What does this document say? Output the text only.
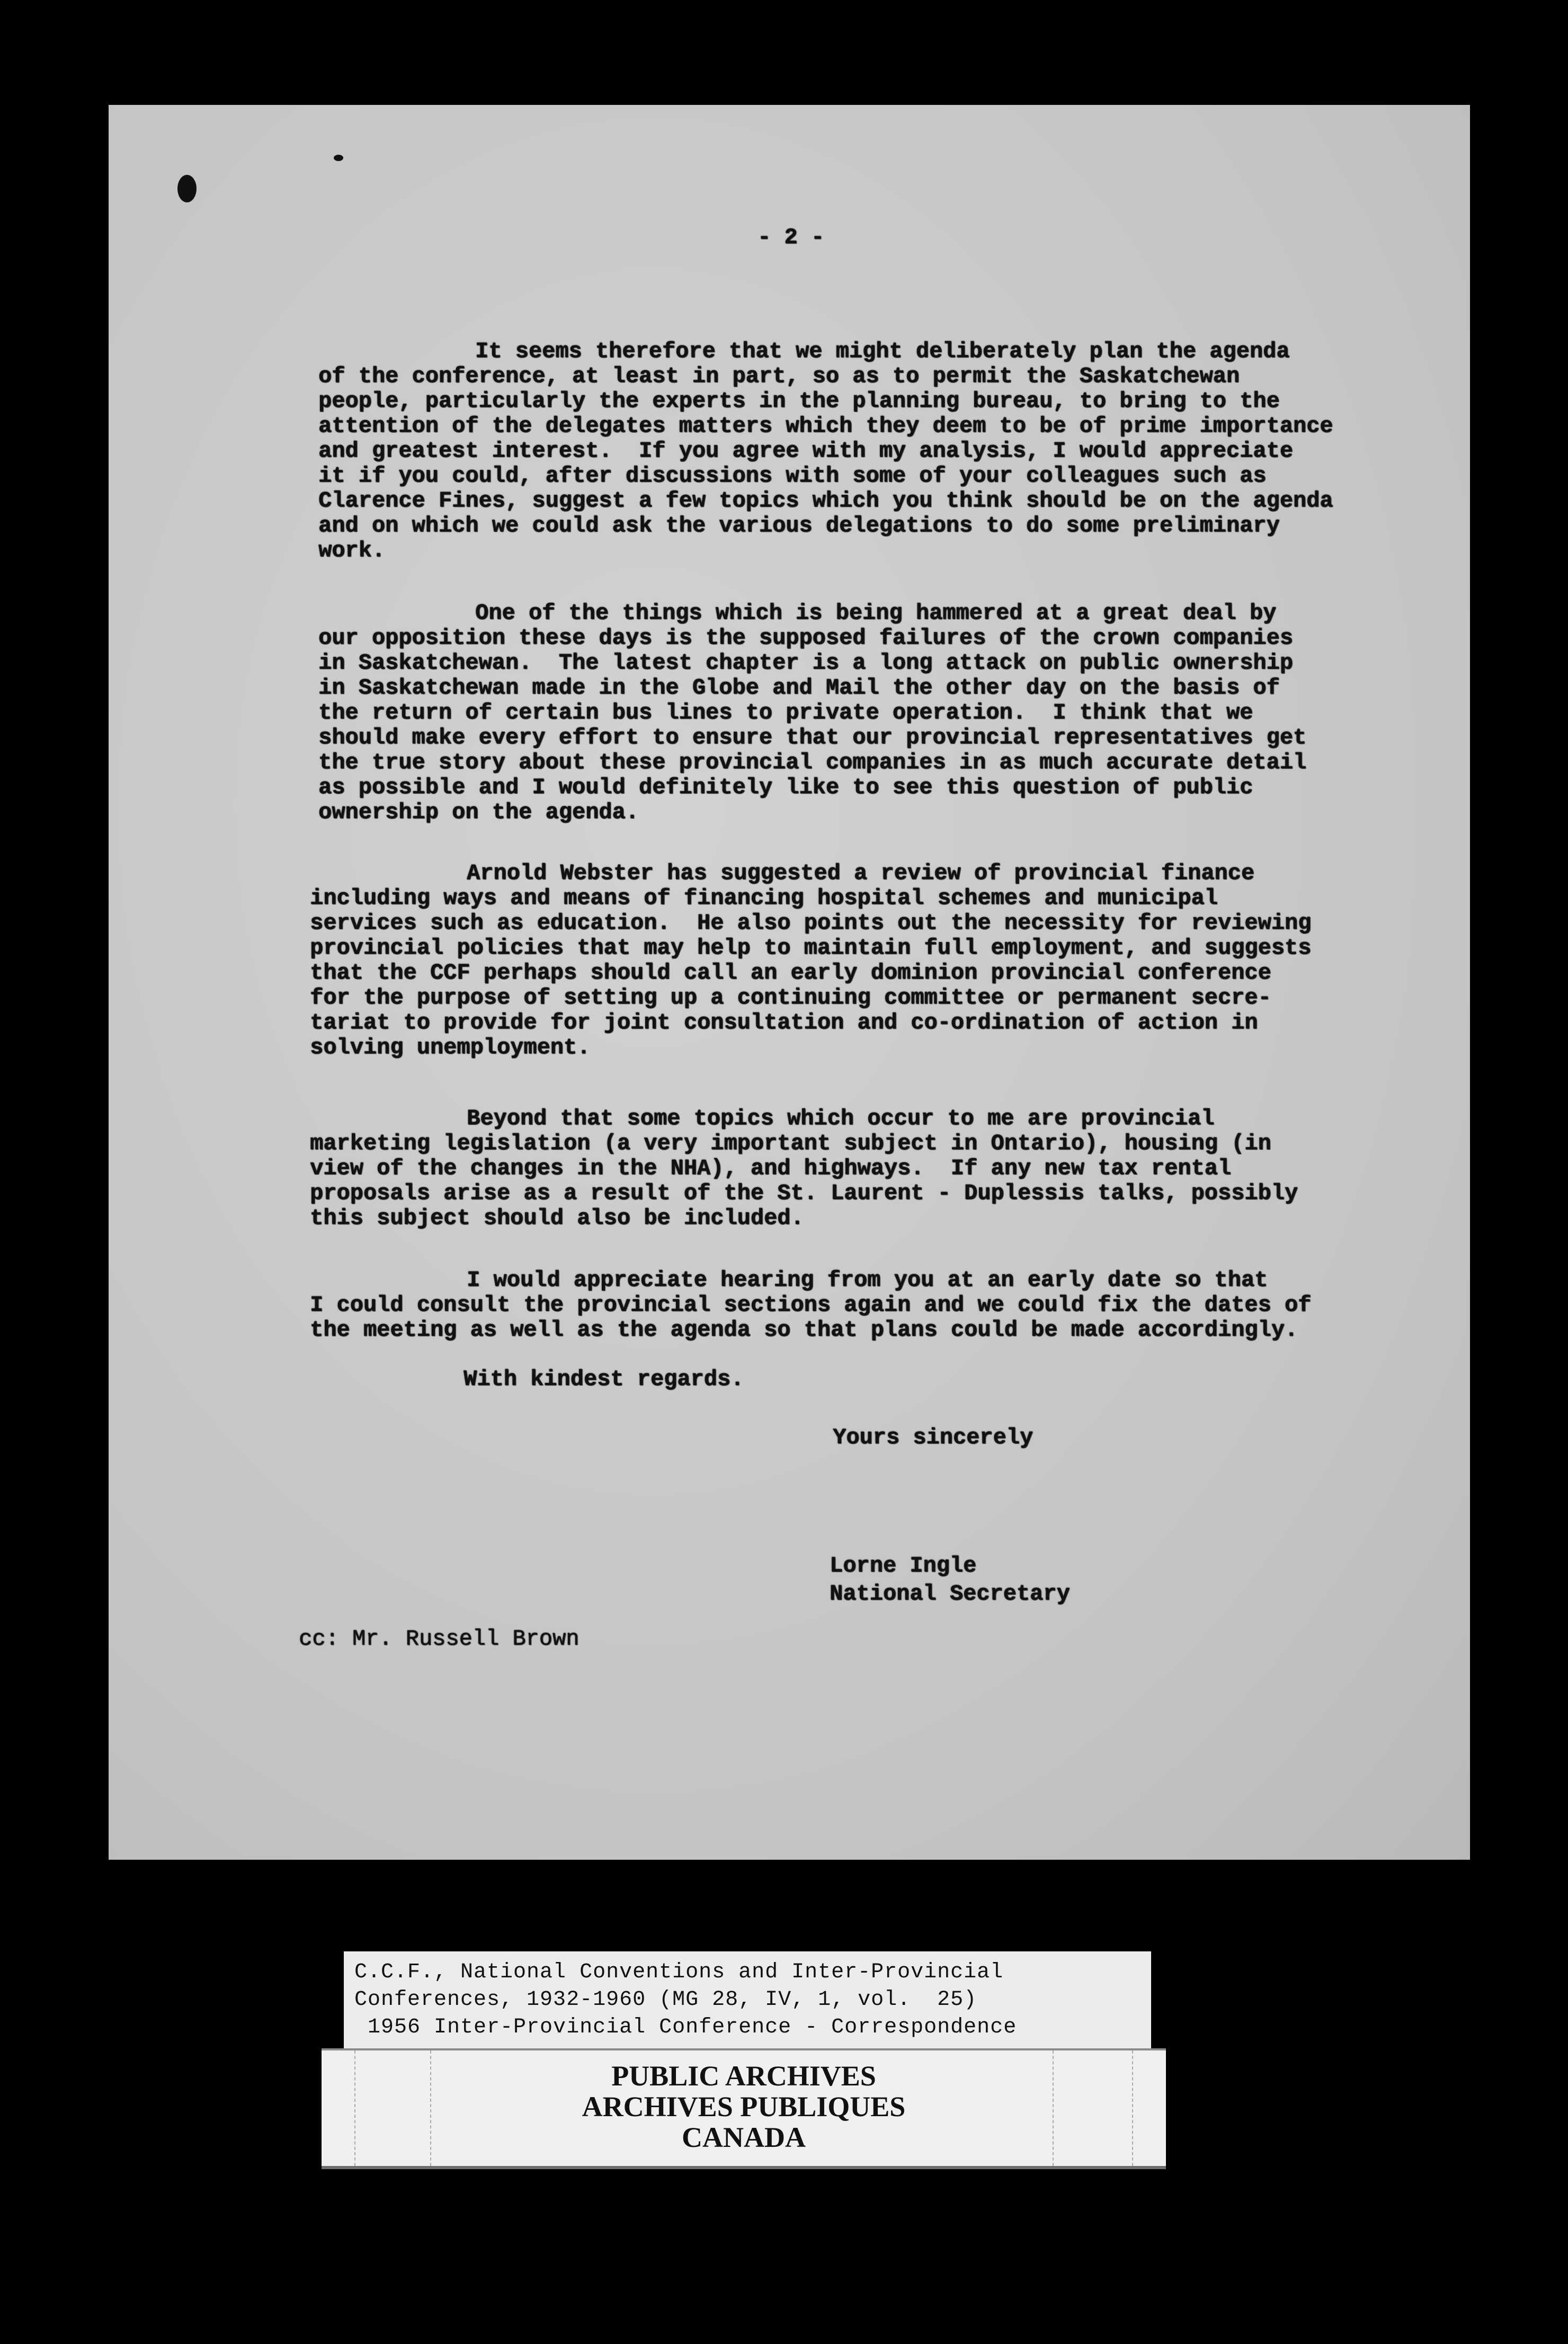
- 2 -
It seems therefore that we might deliberately plan the agenda
of the conference, at least in part, so as to permit the Saskatchewan
people, particularly the experts in the planning bureau, to bring to the
attention of the delegates matters which they deem to be of prime importance
and greatest interest.  If you agree with my analysis, I would appreciate
it if you could, after discussions with some of your colleagues such as
Clarence Fines, suggest a few topics which you think should be on the agenda
and on which we could ask the various delegations to do some preliminary
work.
One of the things which is being hammered at a great deal by
our opposition these days is the supposed failures of the crown companies
in Saskatchewan.  The latest chapter is a long attack on public ownership
in Saskatchewan made in the Globe and Mail the other day on the basis of
the return of certain bus lines to private operation.  I think that we
should make every effort to ensure that our provincial representatives get
the true story about these provincial companies in as much accurate detail
as possible and I would definitely like to see this question of public
ownership on the agenda.
Arnold Webster has suggested a review of provincial finance
including ways and means of financing hospital schemes and municipal
services such as education.  He also points out the necessity for reviewing
provincial policies that may help to maintain full employment, and suggests
that the CCF perhaps should call an early dominion provincial conference
for the purpose of setting up a continuing committee or permanent secre-
tariat to provide for joint consultation and co-ordination of action in
solving unemployment.
Beyond that some topics which occur to me are provincial
marketing legislation (a very important subject in Ontario), housing (in
view of the changes in the NHA), and highways.  If any new tax rental
proposals arise as a result of the St. Laurent - Duplessis talks, possibly
this subject should also be included.
I would appreciate hearing from you at an early date so that
I could consult the provincial sections again and we could fix the dates of
the meeting as well as the agenda so that plans could be made accordingly.
With kindest regards.
Yours sincerely
Lorne Ingle
National Secretary
cc: Mr. Russell Brown
C.C.F., National Conventions and Inter-Provincial
Conferences, 1932-1960 (MG 28, IV, 1, vol.  25)
1956 Inter-Provincial Conference - Correspondence
PUBLIC ARCHIVES
ARCHIVES PUBLIQUES
CANADA
